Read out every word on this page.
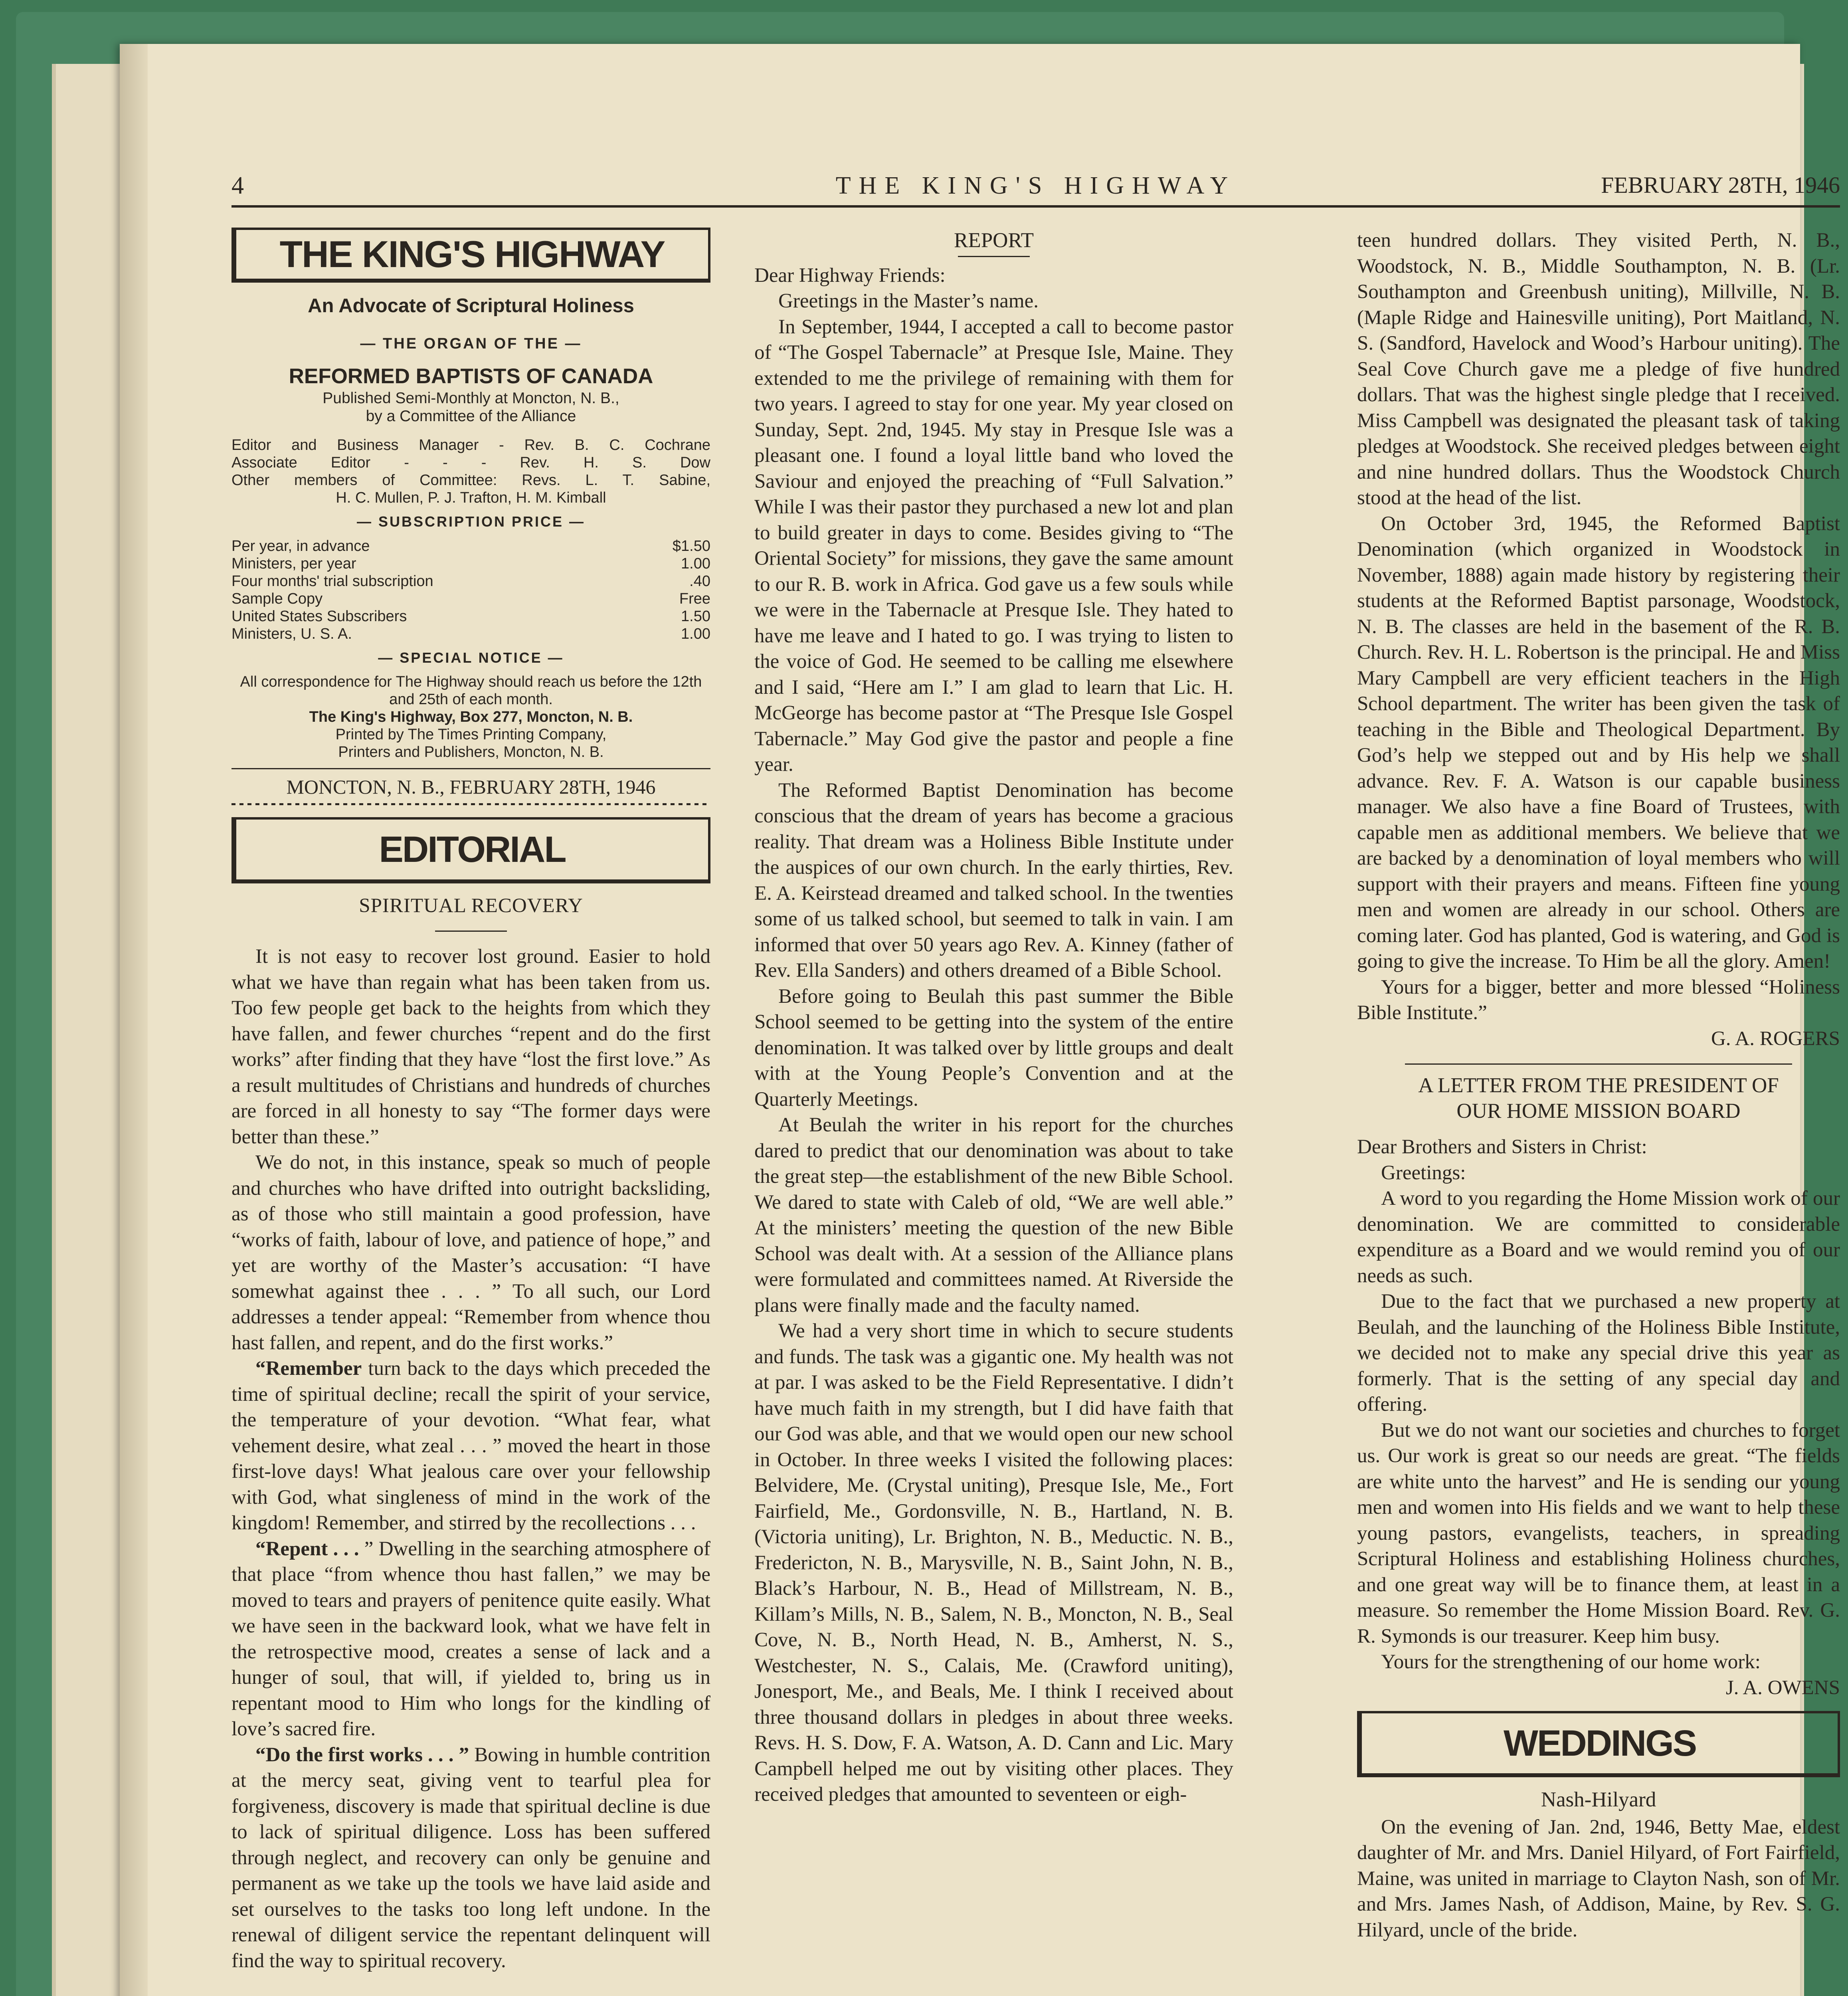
4	THE KING'S HIGHWAY	FEBRUARY 28TH, 1946
THE KING'S HIGHWAY
An Advocate of Scriptural Holiness
— THE ORGAN OF THE —
REFORMED BAPTISTS OF CANADA
Published Semi-Monthly at Moncton, N. B.,
by a Committee of the Alliance
Editor and Business Manager - Rev. B. C. Cochrane
Associate Editor - - - Rev. H. S. Dow
Other members of Committee: Revs. L. T. Sabine,
H. C. Mullen, P. J. Trafton, H. M. Kimball
— SUBSCRIPTION PRICE —
Per year, in advance	$1.50
Ministers, per year	1.00
Four months' trial subscription	.40
Sample Copy	Free
United States Subscribers	1.50
Ministers, U. S. A.	1.00
— SPECIAL NOTICE —
All correspondence for The Highway should reach us before the 12th and 25th of each month.
The King's Highway, Box 277, Moncton, N. B.
Printed by The Times Printing Company,
Printers and Publishers, Moncton, N. B.
MONCTON, N. B., FEBRUARY 28TH, 1946
EDITORIAL
SPIRITUAL RECOVERY

It is not easy to recover lost ground. Easier to hold what we have than regain what has been taken from us. Too few people get back to the heights from which they have fallen, and fewer churches “repent and do the first works” after finding that they have “lost the first love.” As a result multitudes of Christians and hundreds of churches are forced in all honesty to say “The former days were better than these.”

We do not, in this instance, speak so much of people and churches who have drifted into outright backsliding, as of those who still maintain a good profession, have “works of faith, labour of love, and patience of hope,” and yet are worthy of the Master’s accusation: “I have somewhat against thee . . . ” To all such, our Lord addresses a tender appeal: “Remember from whence thou hast fallen, and repent, and do the first works.”

“Remember turn back to the days which preceded the time of spiritual decline; recall the spirit of your service, the temperature of your devotion. “What fear, what vehement desire, what zeal . . . ” moved the heart in those first-love days! What jealous care over your fellowship with God, what singleness of mind in the work of the kingdom! Remember, and stirred by the recollections . . .

“Repent . . . ” Dwelling in the searching atmosphere of that place “from whence thou hast fallen,” we may be moved to tears and prayers of penitence quite easily. What we have seen in the backward look, what we have felt in the retrospective mood, creates a sense of lack and a hunger of soul, that will, if yielded to, bring us in repentant mood to Him who longs for the kindling of love’s sacred fire.

“Do the first works . . . ” Bowing in humble contrition at the mercy seat, giving vent to tearful plea for forgiveness, discovery is made that spiritual decline is due to lack of spiritual diligence. Loss has been suffered through neglect, and recovery can only be genuine and permanent as we take up the tools we have laid aside and set ourselves to the tasks too long left undone. In the renewal of diligent service the repentant delinquent will find the way to spiritual recovery.

REPORT

Dear Highway Friends:

Greetings in the Master’s name.

In September, 1944, I accepted a call to become pastor of “The Gospel Tabernacle” at Presque Isle, Maine. They extended to me the privilege of remaining with them for two years. I agreed to stay for one year. My year closed on Sunday, Sept. 2nd, 1945. My stay in Presque Isle was a pleasant one. I found a loyal little band who loved the Saviour and enjoyed the preaching of “Full Salvation.” While I was their pastor they purchased a new lot and plan to build greater in days to come. Besides giving to “The Oriental Society” for missions, they gave the same amount to our R. B. work in Africa. God gave us a few souls while we were in the Tabernacle at Presque Isle. They hated to have me leave and I hated to go. I was trying to listen to the voice of God. He seemed to be calling me elsewhere and I said, “Here am I.” I am glad to learn that Lic. H. McGeorge has become pastor at “The Presque Isle Gospel Tabernacle.” May God give the pastor and people a fine year.

The Reformed Baptist Denomination has become conscious that the dream of years has become a gracious reality. That dream was a Holiness Bible Institute under the auspices of our own church. In the early thirties, Rev. E. A. Keirstead dreamed and talked school. In the twenties some of us talked school, but seemed to talk in vain. I am informed that over 50 years ago Rev. A. Kinney (father of Rev. Ella Sanders) and others dreamed of a Bible School.

Before going to Beulah this past summer the Bible School seemed to be getting into the system of the entire denomination. It was talked over by little groups and dealt with at the Young People’s Convention and at the Quarterly Meetings.

At Beulah the writer in his report for the churches dared to predict that our denomination was about to take the great step—the establishment of the new Bible School. We dared to state with Caleb of old, “We are well able.” At the ministers’ meeting the question of the new Bible School was dealt with. At a session of the Alliance plans were formulated and committees named. At Riverside the plans were finally made and the faculty named.

We had a very short time in which to secure students and funds. The task was a gigantic one. My health was not at par. I was asked to be the Field Representative. I didn’t have much faith in my strength, but I did have faith that our God was able, and that we would open our new school in October. In three weeks I visited the following places: Belvidere, Me. (Crystal uniting), Presque Isle, Me., Fort Fairfield, Me., Gordonsville, N. B., Hartland, N. B. (Victoria uniting), Lr. Brighton, N. B., Meductic. N. B., Fredericton, N. B., Marysville, N. B., Saint John, N. B., Black’s Harbour, N. B., Head of Millstream, N. B., Killam’s Mills, N. B., Salem, N. B., Moncton, N. B., Seal Cove, N. B., North Head, N. B., Amherst, N. S., Westchester, N. S., Calais, Me. (Crawford uniting), Jonesport, Me., and Beals, Me. I think I received about three thousand dollars in pledges in about three weeks. Revs. H. S. Dow, F. A. Watson, A. D. Cann and Lic. Mary Campbell helped me out by visiting other places. They received pledges that amounted to seventeen or eigh-

teen hundred dollars. They visited Perth, N. B., Woodstock, N. B., Middle Southampton, N. B. (Lr. Southampton and Greenbush uniting), Millville, N. B. (Maple Ridge and Hainesville uniting), Port Maitland, N. S. (Sandford, Havelock and Wood’s Harbour uniting). The Seal Cove Church gave me a pledge of five hundred dollars. That was the highest single pledge that I received. Miss Campbell was designated the pleasant task of taking pledges at Woodstock. She received pledges between eight and nine hundred dollars. Thus the Woodstock Church stood at the head of the list.

On October 3rd, 1945, the Reformed Baptist Denomination (which organized in Woodstock in November, 1888) again made history by registering their students at the Reformed Baptist parsonage, Woodstock, N. B. The classes are held in the basement of the R. B. Church. Rev. H. L. Robertson is the principal. He and Miss Mary Campbell are very efficient teachers in the High School department. The writer has been given the task of teaching in the Bible and Theological Department. By God’s help we stepped out and by His help we shall advance. Rev. F. A. Watson is our capable business manager. We also have a fine Board of Trustees, with capable men as additional members. We believe that we are backed by a denomination of loyal members who will support with their prayers and means. Fifteen fine young men and women are already in our school. Others are coming later. God has planted, God is watering, and God is going to give the increase. To Him be all the glory. Amen!

Yours for a bigger, better and more blessed “Holiness Bible Institute.”

G. A. ROGERS

A LETTER FROM THE PRESIDENT OF
OUR HOME MISSION BOARD

Dear Brothers and Sisters in Christ:

Greetings:

A word to you regarding the Home Mission work of our denomination. We are committed to considerable expenditure as a Board and we would remind you of our needs as such.

Due to the fact that we purchased a new property at Beulah, and the launching of the Holiness Bible Institute, we decided not to make any special drive this year as formerly. That is the setting of any special day and offering.

But we do not want our societies and churches to forget us. Our work is great so our needs are great. “The fields are white unto the harvest” and He is sending our young men and women into His fields and we want to help these young pastors, evangelists, teachers, in spreading Scriptural Holiness and establishing Holiness churches, and one great way will be to finance them, at least in a measure. So remember the Home Mission Board. Rev. G. R. Symonds is our treasurer. Keep him busy.

Yours for the strengthening of our home work:

J. A. OWENS

WEDDINGS
Nash-Hilyard

On the evening of Jan. 2nd, 1946, Betty Mae, eldest daughter of Mr. and Mrs. Daniel Hilyard, of Fort Fairfield, Maine, was united in marriage to Clayton Nash, son of Mr. and Mrs. James Nash, of Addison, Maine, by Rev. S. G. Hilyard, uncle of the bride.
